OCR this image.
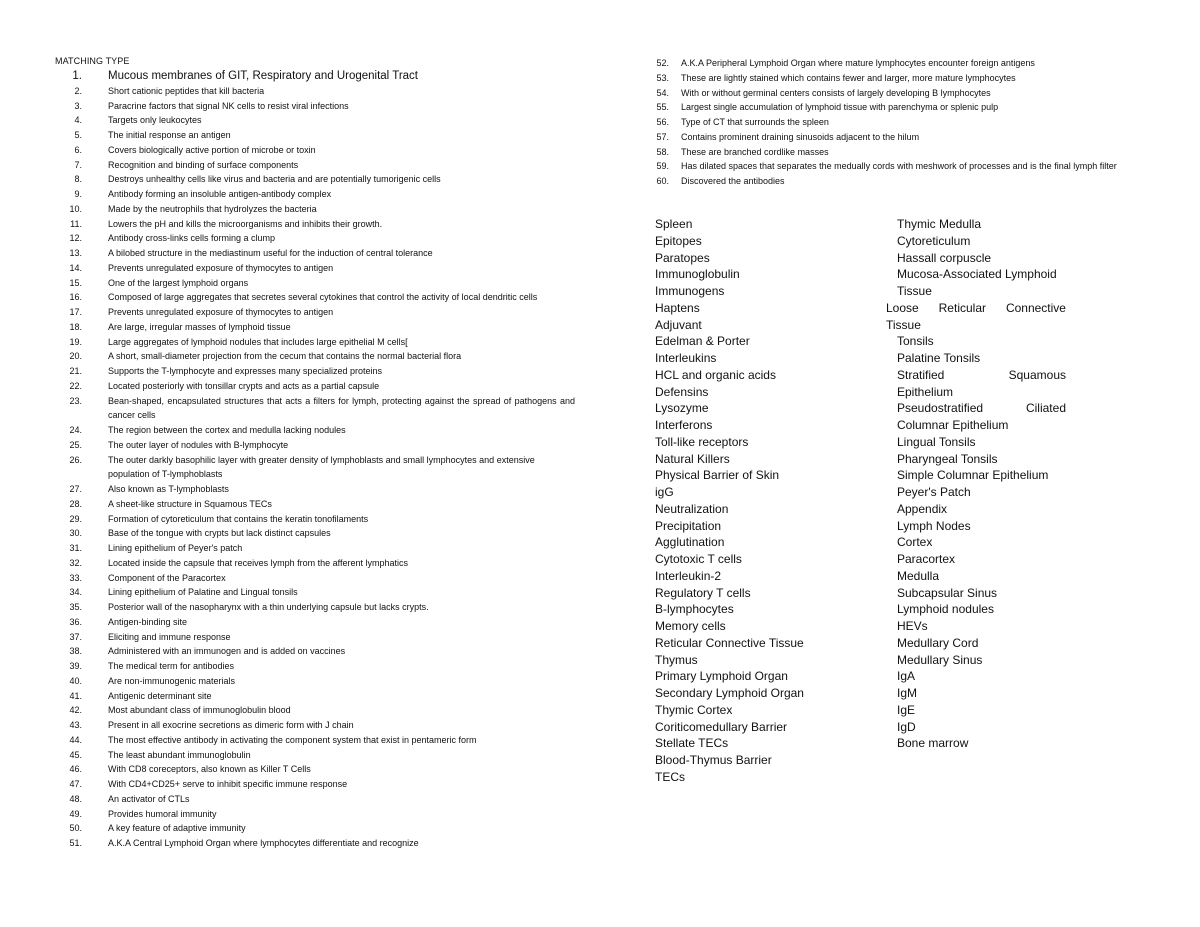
MATCHING TYPE
1.	Mucous membranes of GIT, Respiratory and Urogenital Tract
2.	Short cationic peptides that kill bacteria
3.	Paracrine factors that signal NK cells to resist viral infections
4.	Targets only leukocytes
5.	The initial response an antigen
6.	Covers biologically active portion of microbe or toxin
7.	Recognition and binding of surface components
8.	Destroys unhealthy cells like virus and bacteria and are potentially tumorigenic cells
9.	Antibody forming an insoluble antigen-antibody complex
10.	Made by the neutrophils that hydrolyzes the bacteria
11.	Lowers the pH and kills the microorganisms and inhibits their growth.
12.	Antibody cross-links cells forming a clump
13.	A bilobed structure in the mediastinum useful for the induction of central tolerance
14.	Prevents unregulated exposure of thymocytes to antigen
15.	One of the largest lymphoid organs
16.	Composed of large aggregates that secretes several cytokines that control the activity of local dendritic cells
17.	Prevents unregulated exposure of thymocytes to antigen
18.	Are large, irregular masses of lymphoid tissue
19.	Large aggregates of lymphoid nodules that includes large epithelial M cells[
20.	A short, small-diameter projection from the cecum that contains the normal bacterial flora
21.	Supports the T-lymphocyte and expresses many specialized proteins
22.	Located posteriorly with tonsillar crypts and acts as a partial capsule
23.	Bean-shaped, encapsulated structures that acts a filters for lymph, protecting against the spread of pathogens and cancer cells
24.	The region between the cortex and medulla lacking nodules
25.	The outer layer of nodules with B-lymphocyte
26.	The outer darkly basophilic layer with greater density of lymphoblasts and small lymphocytes and extensive population of T-lymphoblasts
27.	Also known as T-lymphoblasts
28.	A sheet-like structure in Squamous TECs
29.	Formation of cytoreticulum that contains the keratin tonofilaments
30.	Base of the tongue with crypts but lack distinct capsules
31.	Lining epithelium of Peyer's patch
32.	Located inside the capsule that receives lymph from the afferent lymphatics
33.	Component of the Paracortex
34.	Lining epithelium of Palatine and Lingual tonsils
35.	Posterior wall of the nasopharynx with a thin underlying capsule but lacks crypts.
36.	Antigen-binding site
37.	Eliciting and immune response
38.	Administered with an immunogen and is added on vaccines
39.	The medical term for antibodies
40.	Are non-immunogenic materials
41.	Antigenic determinant site
42.	Most abundant class of immunoglobulin blood
43.	Present in all exocrine secretions as dimeric form with J chain
44.	The most effective antibody in activating the component system that exist in pentameric form
45.	The least abundant immunoglobulin
46.	With CD8 coreceptors, also known as Killer T Cells
47.	With CD4+CD25+ serve to inhibit specific immune response
48.	An activator of CTLs
49.	Provides humoral immunity
50.	A key feature of adaptive immunity
51.	A.K.A Central Lymphoid Organ where lymphocytes differentiate and recognize
52.	A.K.A Peripheral Lymphoid Organ where mature lymphocytes encounter foreign antigens
53.	These are lightly stained which contains fewer and larger, more mature lymphocytes
54.	With or without germinal centers consists of largely developing B lymphocytes
55.	Largest single accumulation of lymphoid tissue with parenchyma or splenic pulp
56.	Type of CT that surrounds the spleen
57.	Contains prominent draining sinusoids adjacent to the hilum
58.	These are branched cordlike masses
59.	Has dilated spaces that separates the medually cords with meshwork of processes and is the final lymph filter
60.	Discovered the antibodies
Spleen
Epitopes
Paratopes
Immunoglobulin
Immunogens
Haptens
Adjuvant
Edelman & Porter
Interleukins
HCL and organic acids
Defensins
Lysozyme
Interferons
Toll-like receptors
Natural Killers
Physical Barrier of Skin
igG
Neutralization
Precipitation
Agglutination
Cytotoxic T cells
Interleukin-2
Regulatory T cells
B-lymphocytes
Memory cells
Reticular Connective Tissue
Thymus
Primary Lymphoid Organ
Secondary Lymphoid Organ
Thymic Cortex
Coriticomedullary Barrier
Stellate TECs
Blood-Thymus Barrier
TECs
Thymic Medulla
Cytoreticulum
Hassall corpuscle
Mucosa-Associated Lymphoid
Tissue
Loose Reticular Connective
Tissue
Tonsils
Palatine Tonsils
Stratified	Squamous
Epithelium
Pseudostratified	Ciliated
Columnar Epithelium
Lingual Tonsils
Pharyngeal Tonsils
Simple Columnar Epithelium
Peyer's Patch
Appendix
Lymph Nodes
Cortex
Paracortex
Medulla
Subcapsular Sinus
Lymphoid nodules
HEVs
Medullary Cord
Medullary Sinus
IgA
IgM
IgE
IgD
Bone marrow
